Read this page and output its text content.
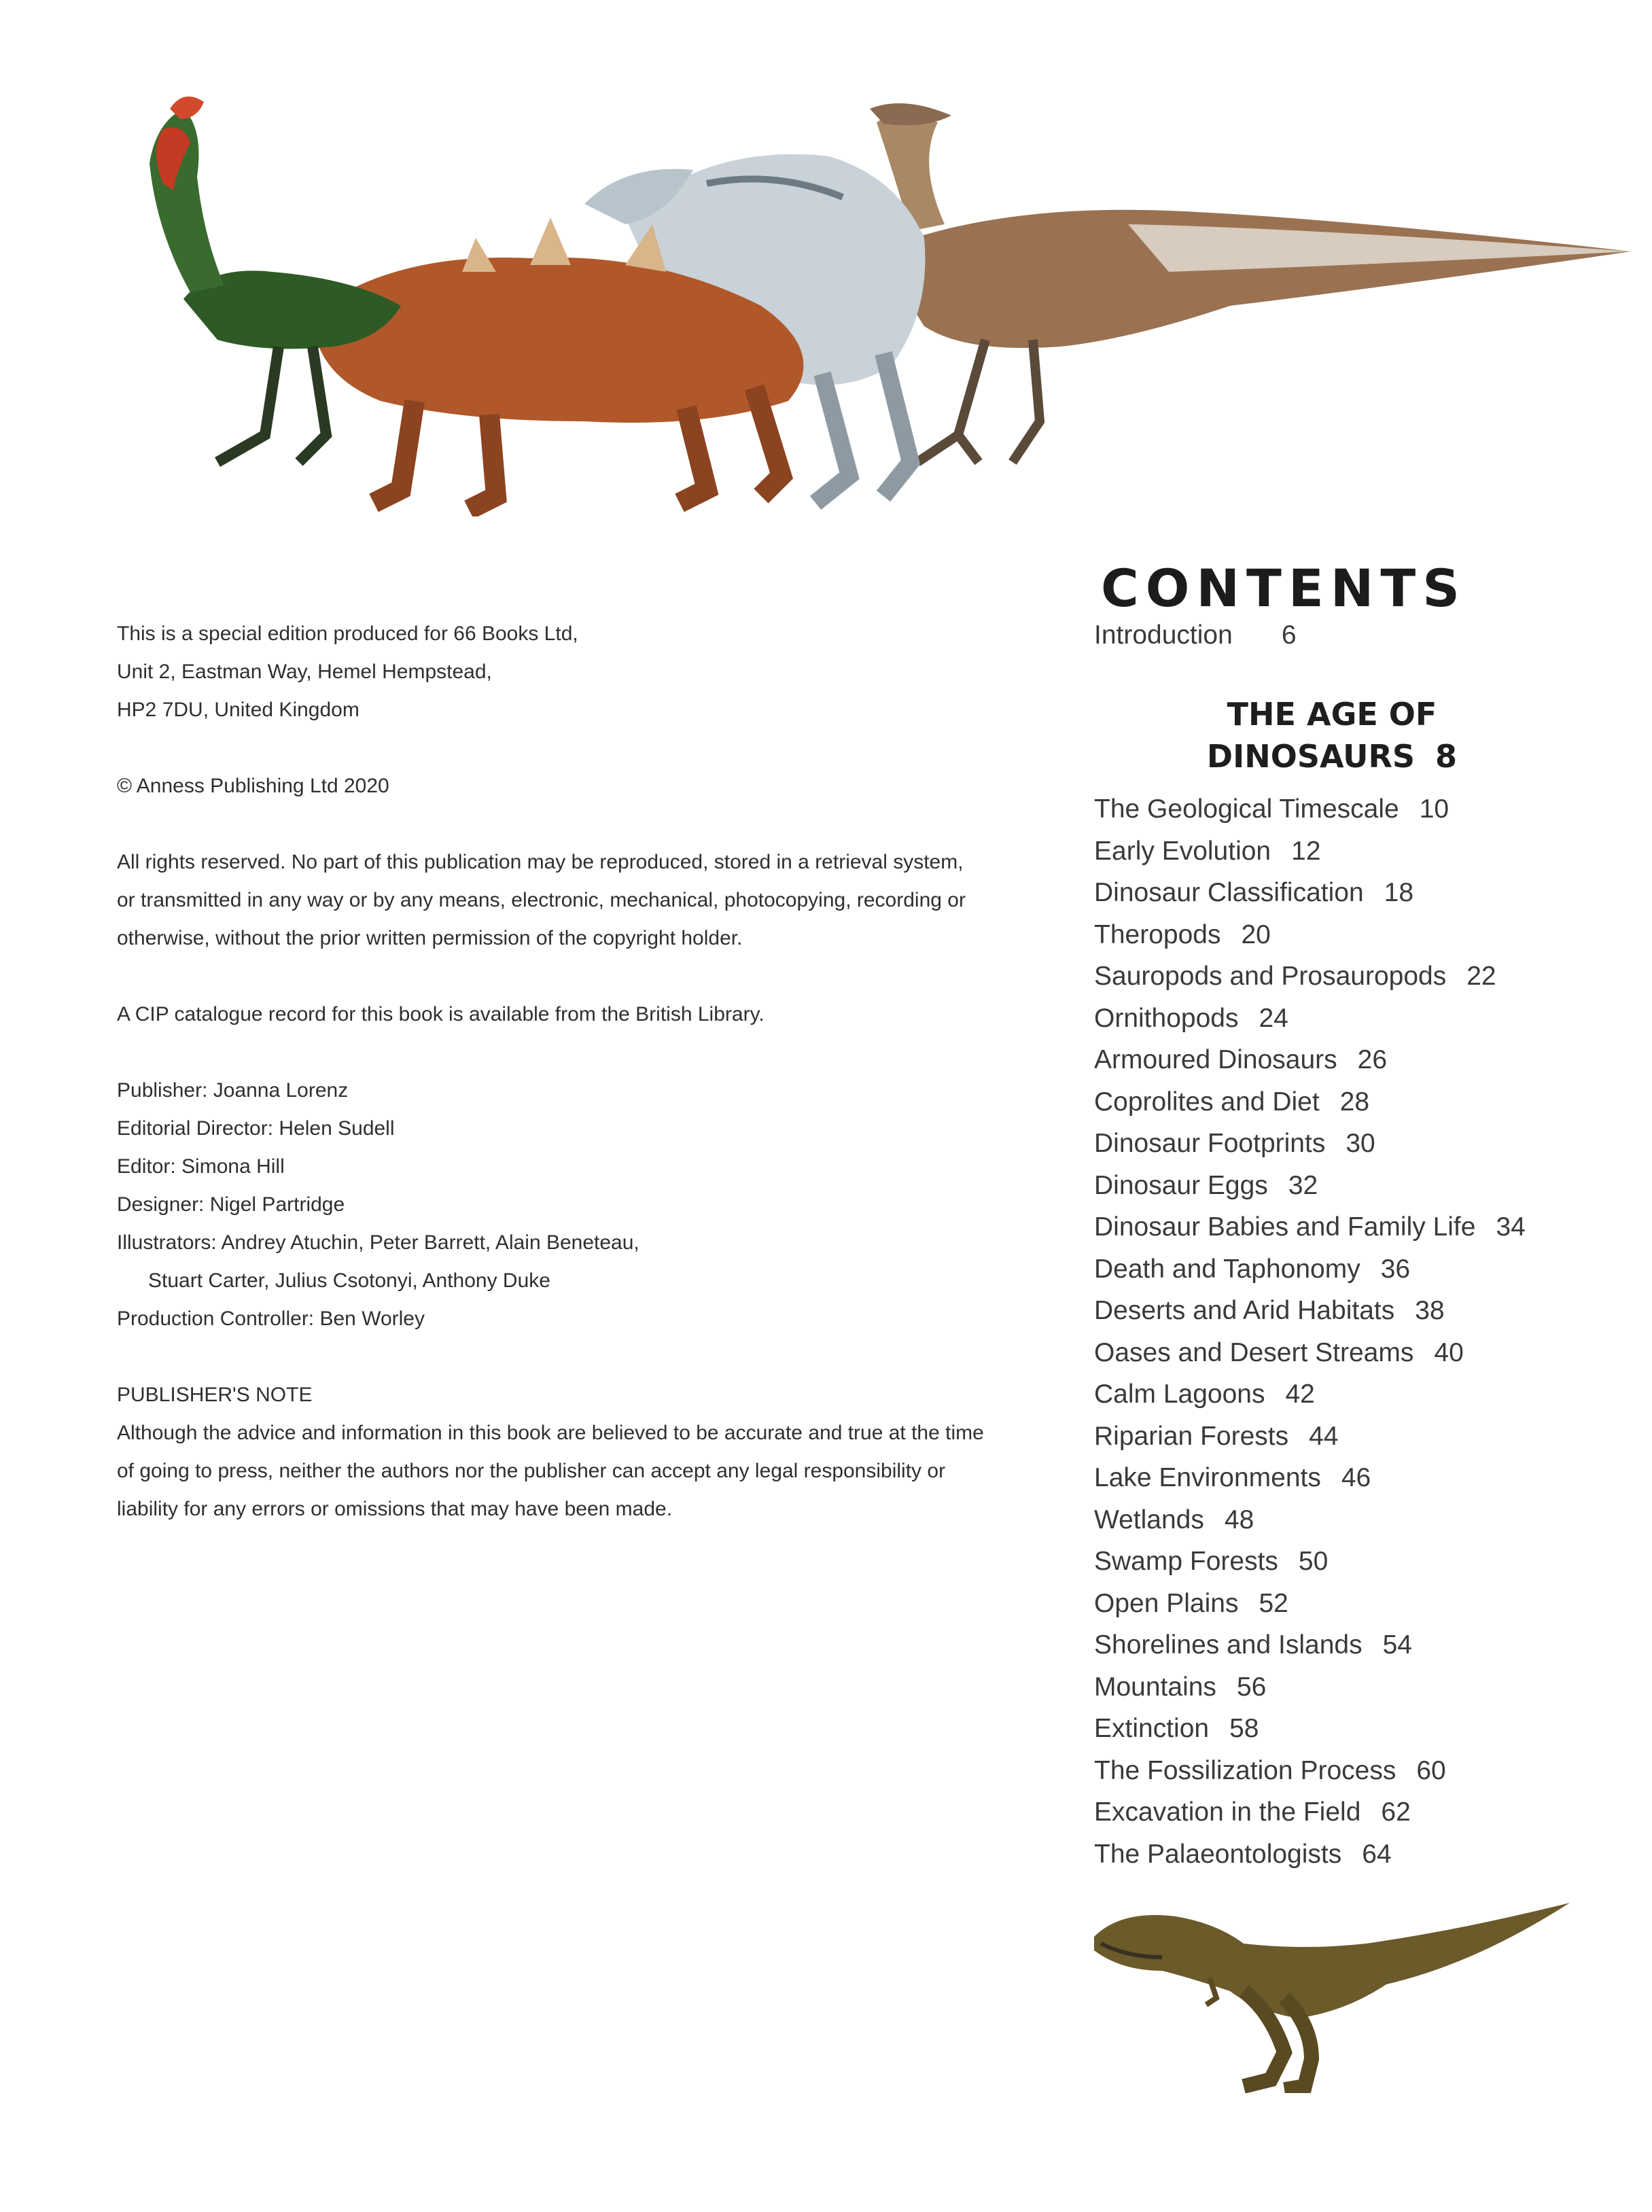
CONTENTS

This is a special edition produced for 66 Books Ltd,

Unit 2, Eastman Way, Hemel Hempstead,

HP2 7DU, United Kingdom

© Anness Publishing Ltd 2020

All rights reserved. No part of this publication may be reproduced, stored in a retrieval system,

or transmitted in any way or by any means, electronic, mechanical, photocopying, recording or

otherwise, without the prior written permission of the copyright holder.

A CIP catalogue record for this book is available from the British Library.

Publisher: Joanna Lorenz

Editorial Director: Helen Sudell

Editor: Simona Hill

Designer: Nigel Partridge

Illustrators: Andrey Atuchin, Peter Barrett, Alain Beneteau,

Stuart Carter, Julius Csotonyi, Anthony Duke

Production Controller: Ben Worley

PUBLISHER'S NOTE

Although the advice and information in this book are believed to be accurate and true at the time

of going to press, neither the authors nor the publisher can accept any legal responsibility or

liability for any errors or omissions that may have been made.

Introduction 6
THE AGE OF
DINOSAURS 8
The Geological Timescale 10
Early Evolution 12
Dinosaur Classification 18
Theropods 20
Sauropods and Prosauropods 22
Ornithopods 24
Armoured Dinosaurs 26
Coprolites and Diet 28
Dinosaur Footprints 30
Dinosaur Eggs 32
Dinosaur Babies and Family Life 34
Death and Taphonomy 36
Deserts and Arid Habitats 38
Oases and Desert Streams 40
Calm Lagoons 42
Riparian Forests 44
Lake Environments 46
Wetlands 48
Swamp Forests 50
Open Plains 52
Shorelines and Islands 54
Mountains 56
Extinction 58
The Fossilization Process 60
Excavation in the Field 62
The Palaeontologists 64
